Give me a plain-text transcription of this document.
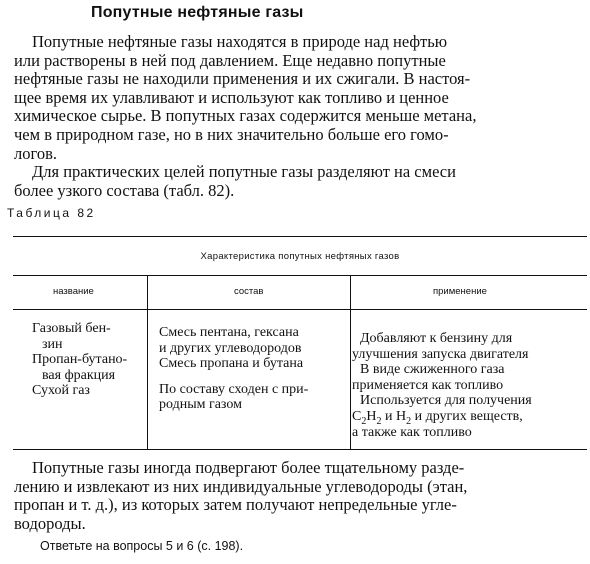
Попутные нефтяные газы
Попутные нефтяные газы находятся в природе над нефтью
или растворены в ней под давлением. Еще недавно попутные
нефтяные газы не находили применения и их сжигали. В настоя-
щее время их улавливают и используют как топливо и ценное
химическое сырье. В попутных газах содержится меньше метана,
чем в природном газе, но в них значительно больше его гомо-
логов.
Для практических целей попутные газы разделяют на смеси
более узкого состава (табл. 82).
Таблица 82
Характеристика попутных нефтяных газов
название	состав	применение
Газовый бен-
зин
Пропан-бутано-
вая фракция
Сухой газ
Смесь пентана, гексана
и других углеводородов
Смесь пропана и бутана
По составу сходен с при-
родным газом
Добавляют к бензину для
улучшения запуска двигателя
В виде сжиженного газа
применяется как топливо
Используется для получения
$C_2H_2$ и $H_2$ и других веществ,
а также как топливо
Попутные газы иногда подвергают более тщательному разде-
лению и извлекают из них индивидуальные углеводороды (этан,
пропан и т. д.), из которых затем получают непредельные угле-
водороды.
Ответьте на вопросы 5 и 6 (с. 198).
